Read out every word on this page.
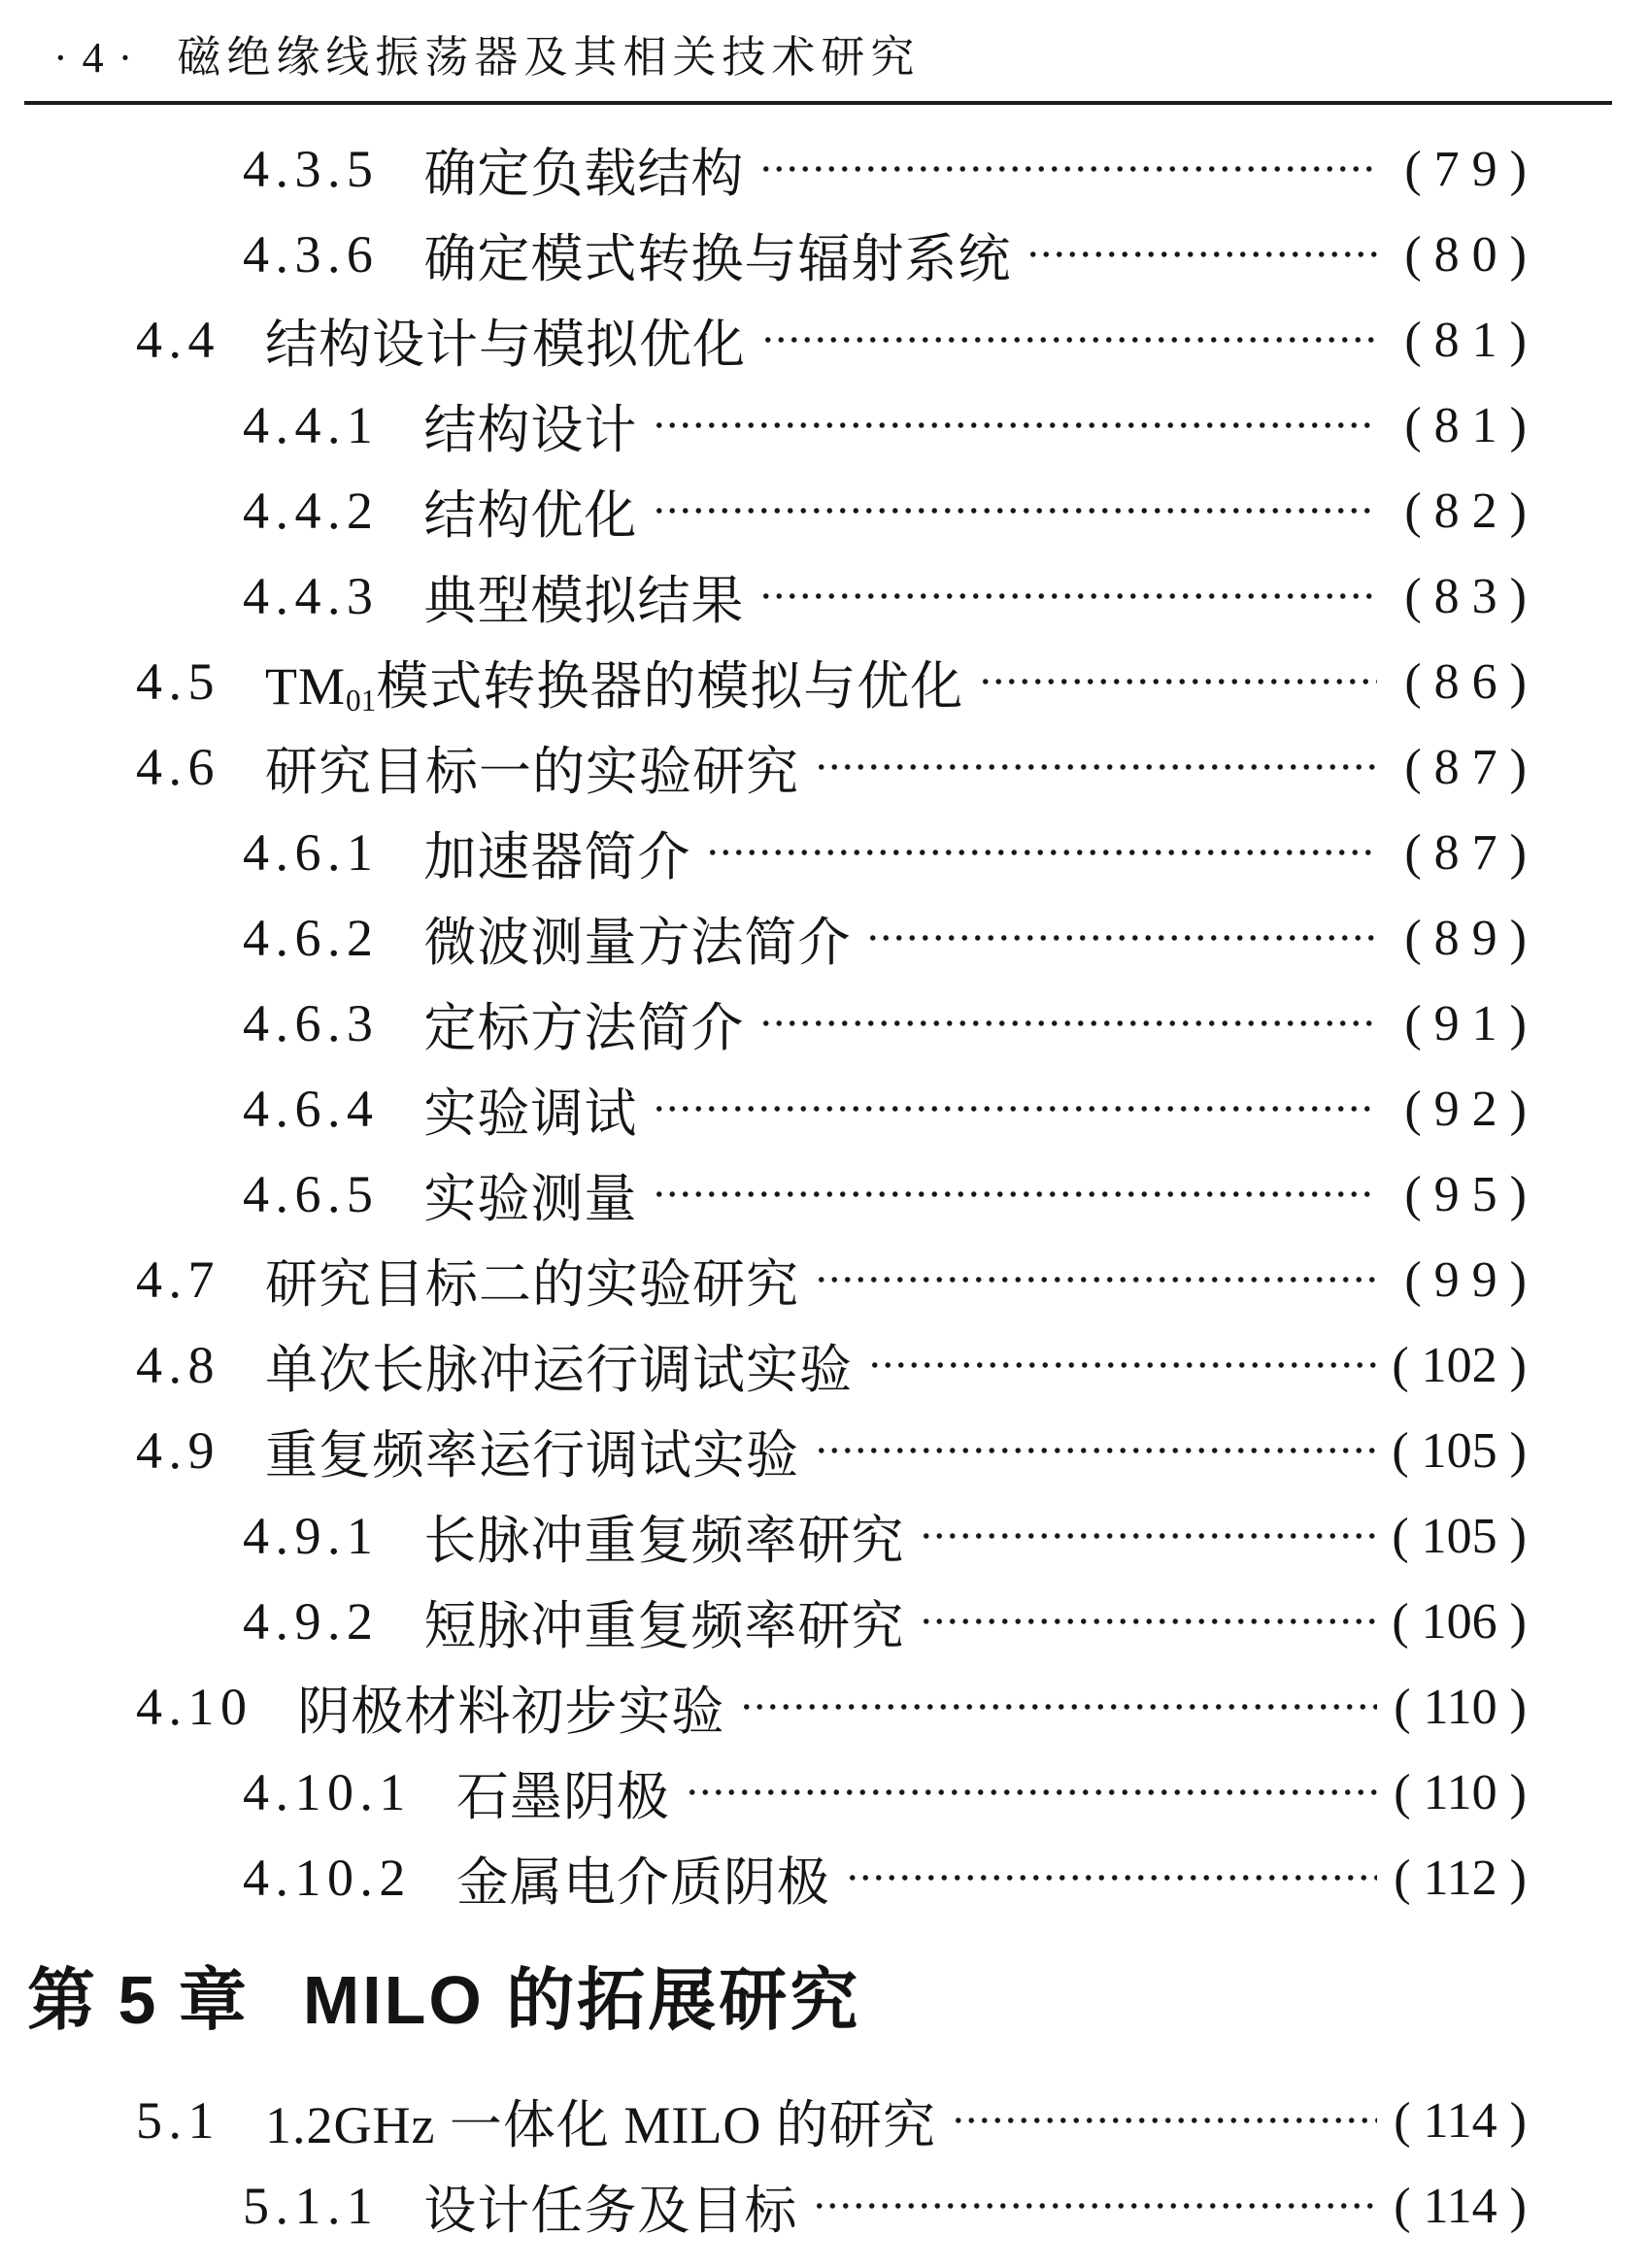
· 4 · 磁绝缘线振荡器及其相关技术研究
4.3.5 确定负载结构	( 7 9 )
4.3.6 确定模式转换与辐射系统	( 8 0 )
4.4 结构设计与模拟优化	( 8 1 )
4.4.1 结构设计	( 8 1 )
4.4.2 结构优化	( 8 2 )
4.4.3 典型模拟结果	( 8 3 )
4.5 $TM_{01}$模式转换器的模拟与优化	( 8 6 )
4.6 研究目标一的实验研究	( 8 7 )
4.6.1 加速器简介	( 8 7 )
4.6.2 微波测量方法简介	( 8 9 )
4.6.3 定标方法简介	( 9 1 )
4.6.4 实验调试	( 9 2 )
4.6.5 实验测量	( 9 5 )
4.7 研究目标二的实验研究	( 9 9 )
4.8 单次长脉冲运行调试实验	( 102 )
4.9 重复频率运行调试实验	( 105 )
4.9.1 长脉冲重复频率研究	( 105 )
4.9.2 短脉冲重复频率研究	( 106 )
4.10 阴极材料初步实验	( 110 )
4.10.1 石墨阴极	( 110 )
4.10.2 金属电介质阴极	( 112 )
第 5 章 MILO 的拓展研究
5.1 1.2GHz 一体化 MILO 的研究	( 114 )
5.1.1 设计任务及目标	( 114 )
